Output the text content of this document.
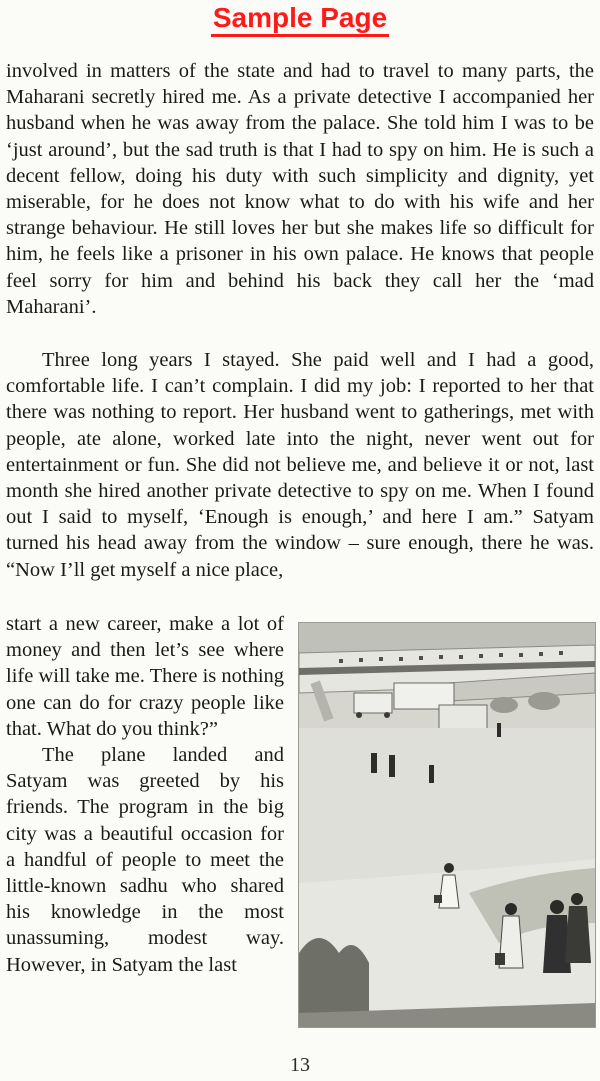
Sample Page

involved in matters of the state and had to travel to many parts, the Maharani secretly hired me. As a private detective I accompanied her husband when he was away from the palace. She told him I was to be ‘just around’, but the sad truth is that I had to spy on him. He is such a decent fellow, doing his duty with such simplicity and dignity, yet miserable, for he does not know what to do with his wife and her strange behaviour. He still loves her but she makes life so difficult for him, he feels like a prisoner in his own palace. He knows that people feel sorry for him and behind his back they call her the ‘mad Maharani’.

Three long years I stayed. She paid well and I had a good, comfortable life. I can’t complain. I did my job: I reported to her that there was nothing to report. Her husband went to gatherings, met with people, ate alone, worked late into the night, never went out for entertainment or fun. She did not believe me, and believe it or not, last month she hired another private detective to spy on me. When I found out I said to myself, ‘Enough is enough,’ and here I am.” Satyam turned his head away from the window – sure enough, there he was. “Now I’ll get myself a nice place,

start a new career, make a lot of money and then let’s see where life will take me. There is nothing one can do for crazy people like that. What do you think?”

The plane landed and Satyam was greeted by his friends. The program in the big city was a beautiful occasion for a handful of people to meet the little-known sadhu who shared his knowledge in the most unassuming, modest way. However, in Satyam the last

13
